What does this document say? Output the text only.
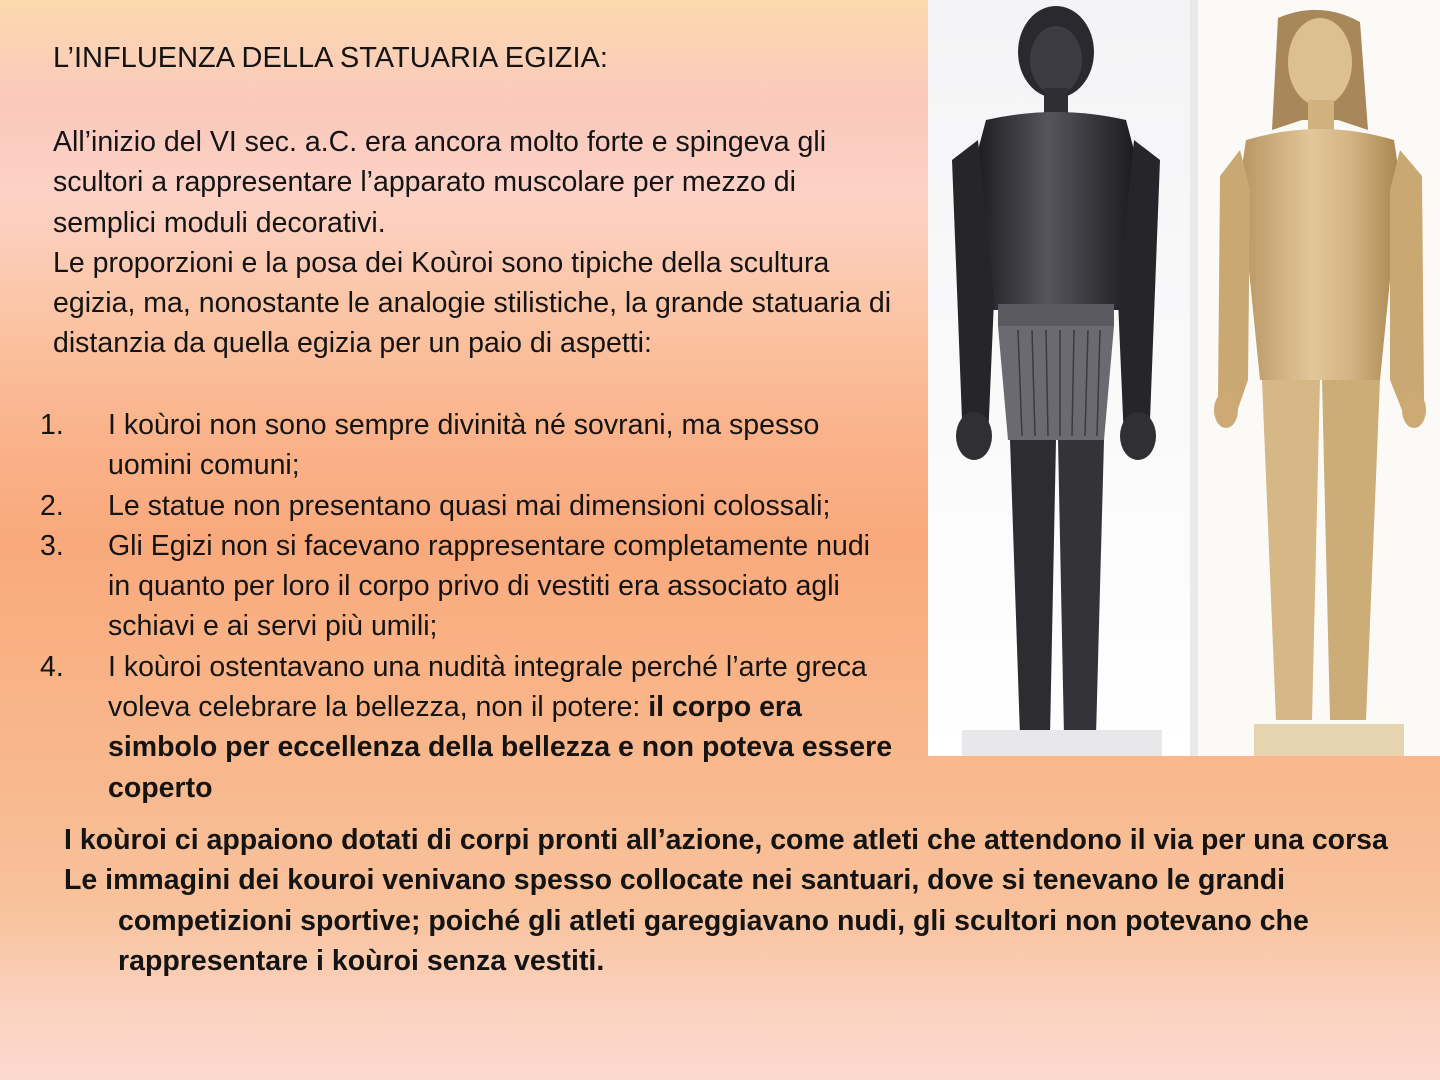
L’INFLUENZA DELLA STATUARIA EGIZIA:

All’inizio del VI sec. a.C. era ancora molto forte e spingeva gli scultori a rappresentare l’apparato muscolare per mezzo di semplici moduli decorativi.

Le proporzioni e la posa dei Koùroi sono tipiche della scultura egizia, ma, nonostante le analogie stilistiche, la grande statuaria di distanzia da quella egizia per un paio di aspetti:

1.	I koùroi non sono sempre divinità né sovrani, ma spesso uomini comuni;
2.	Le statue non presentano quasi mai dimensioni colossali;
3.	Gli Egizi non si facevano rappresentare completamente nudi in quanto per loro il corpo privo di vestiti era associato agli schiavi e ai servi più umili;
4.	I koùroi ostentavano una nudità integrale perché l’arte greca voleva celebrare la bellezza, non il potere: il corpo era simbolo per eccellenza della bellezza e non poteva essere coperto

I koùroi ci appaiono dotati di corpi pronti all’azione, come atleti che attendono il via per una corsa

Le immagini dei kouroi venivano spesso collocate nei santuari, dove si tenevano le grandi competizioni sportive; poiché gli atleti gareggiavano nudi, gli scultori non potevano che rappresentare i koùroi senza vestiti.
